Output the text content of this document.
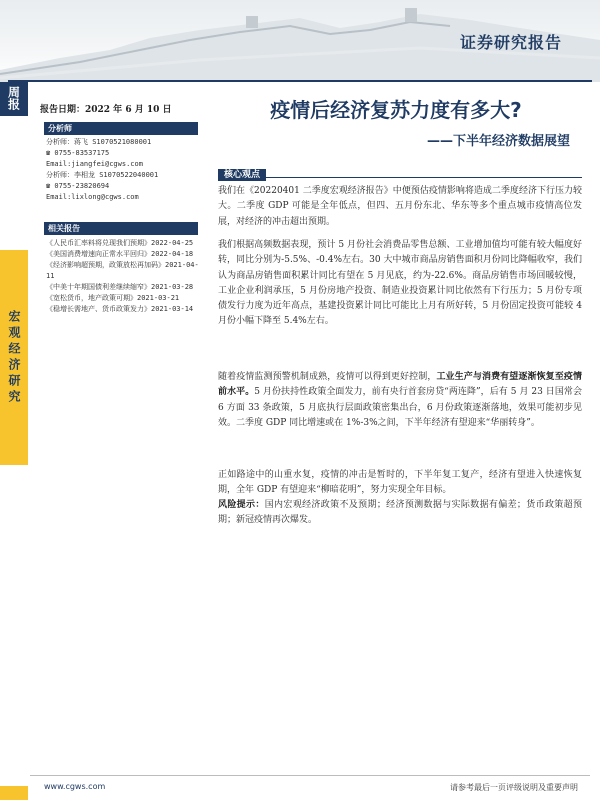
证券研究报告
周报
宏观经济研究
报告日期：2022 年 6 月 10 日	疫情后经济复苏力度有多大?
——下半年经济数据展望
分析师
分析师：蒋飞 S1070521080001
☎ 0755-83537175
Email:jiangfei@cgws.com
分析师：李相龙 S1070522040001
☎ 0755-23820694
Email:lixlong@cgws.com
相关报告
《人民币汇率料将兑现我们预期》2022-04-25
《美国消费增速向正常水平回归》2022-04-18
《经济影响超预期，政策放松再加码》2021-04-11
《中美十年期国债利差继续缩窄》2021-03-28
《宽松货币，地产政策可期》2021-03-21
《稳增长需地产、货币政策发力》2021-03-14
核心观点

我们在《20220401 二季度宏观经济报告》中便预估疫情影响将造成二季度经济下行压力较大。二季度 GDP 可能是全年低点，但四、五月份东北、华东等多个重点城市疫情高位发展，对经济的冲击超出预期。

我们根据高频数据表现，预计 5 月份社会消费品零售总额、工业增加值均可能有较大幅度好转，同比分别为-5.5%、-0.4%左右。30 大中城市商品房销售面积月份同比降幅收窄，我们认为商品房销售面积累计同比有望在 5 月见底，约为-22.6%。商品房销售市场回暖较慢，工业企业利润承压，5 月份房地产投资、制造业投资累计同比依然有下行压力；5 月份专项债发行力度为近年高点，基建投资累计同比可能比上月有所好转，5 月份固定投资可能较 4 月份小幅下降至 5.4%左右。

随着疫情监测预警机制成熟，疫情可以得到更好控制，工业生产与消费有望逐渐恢复至疫情前水平。5 月份扶持性政策全面发力，前有央行首套房贷“两连降”，后有 5 月 23 日国常会 6 方面 33 条政策，5 月底执行层面政策密集出台，6 月份政策逐渐落地，效果可能初步见效。二季度 GDP 同比增速或在 1%-3%之间，下半年经济有望迎来“华丽转身”。

正如路途中的山重水复，疫情的冲击是暂时的，下半年复工复产，经济有望进入快速恢复期，全年 GDP 有望迎来“柳暗花明”，努力实现全年目标。

风险提示：国内宏观经济政策不及预期；经济预测数据与实际数据有偏差；货币政策超预期；新冠疫情再次爆发。

www.cgws.com	请参考最后一页评级说明及重要声明
